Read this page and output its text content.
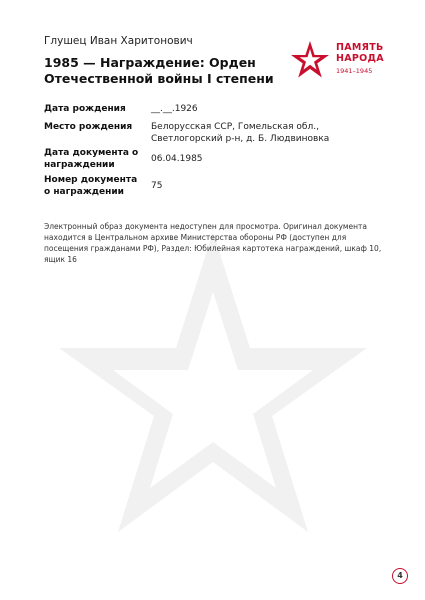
Глушец Иван Харитонович
1985 — Награждение: Орден Отечественной войны I степени
ПАМЯТЬ
НАРОДА
1941–1945
Дата рождения	__.__.1926
Место рождения	Белорусская ССР, Гомельская обл., Светлогорский р-н, д. Б. Людвиновка
Дата документа о награждении
06.04.1985
Номер документа о награждении
75
Электронный образ документа недоступен для просмотра. Оригинал документа находится в Центральном архиве Министерства обороны РФ (доступен для посещения гражданами РФ), Раздел: Юбилейная картотека награждений, шкаф 10, ящик 16
4
